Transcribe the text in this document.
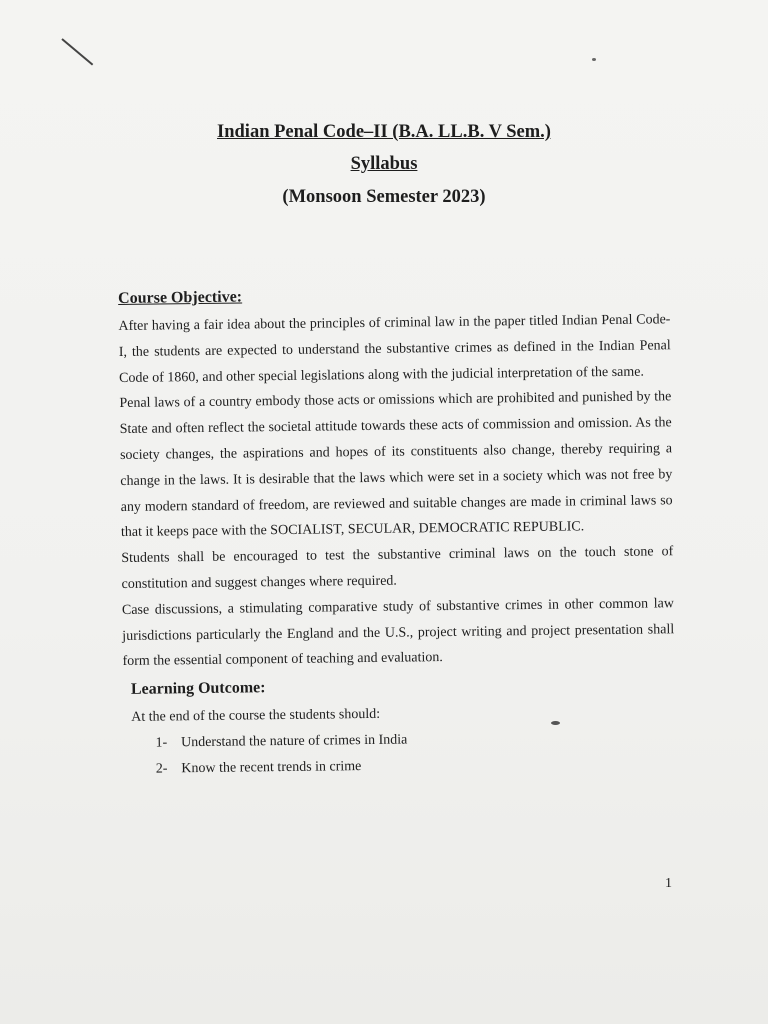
Indian Penal Code–II (B.A. LL.B. V Sem.)
Syllabus
(Monsoon Semester 2023)
Course Objective:

After having a fair idea about the principles of criminal law in the paper titled Indian Penal Code-I, the students are expected to understand the substantive crimes as defined in the Indian Penal Code of 1860, and other special legislations along with the judicial interpretation of the same.

Penal laws of a country embody those acts or omissions which are prohibited and punished by the State and often reflect the societal attitude towards these acts of commission and omission. As the society changes, the aspirations and hopes of its constituents also change, thereby requiring a change in the laws. It is desirable that the laws which were set in a society which was not free by any modern standard of freedom, are reviewed and suitable changes are made in criminal laws so that it keeps pace with the SOCIALIST, SECULAR, DEMOCRATIC REPUBLIC.

Students shall be encouraged to test the substantive criminal laws on the touch stone of constitution and suggest changes where required.

Case discussions, a stimulating comparative study of substantive crimes in other common law jurisdictions particularly the England and the U.S., project writing and project presentation shall form the essential component of teaching and evaluation.

Learning Outcome:

At the end of the course the students should:

1- Understand the nature of crimes in India
2- Know the recent trends in crime
1
